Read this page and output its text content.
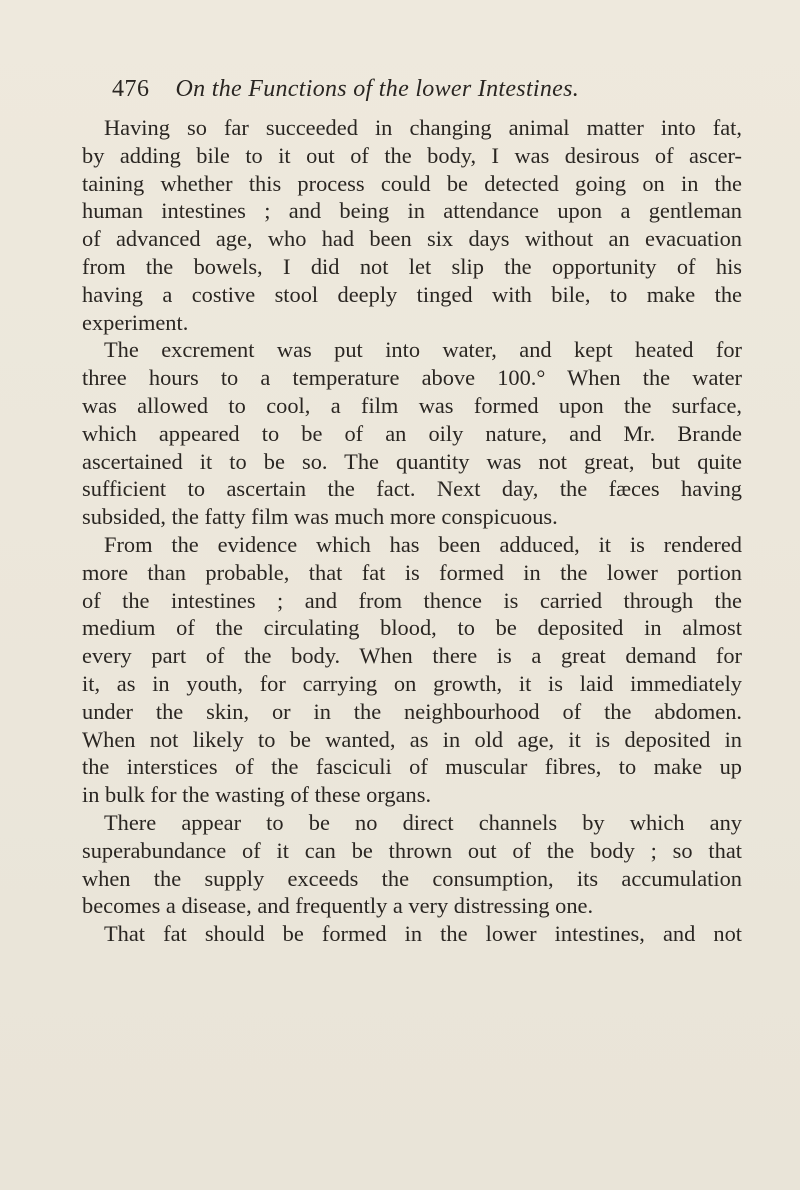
476 On the Functions of the lower Intestines.

Having so far succeeded in changing animal matter into fat,
by adding bile to it out of the body, I was desirous of ascer-
taining whether this process could be detected going on in the
human intestines ; and being in attendance upon a gentleman
of advanced age, who had been six days without an evacuation
from the bowels, I did not let slip the opportunity of his
having a costive stool deeply tinged with bile, to make the
experiment.

The excrement was put into water, and kept heated for
three hours to a temperature above 100.° When the water
was allowed to cool, a film was formed upon the surface,
which appeared to be of an oily nature, and Mr. Brande
ascertained it to be so. The quantity was not great, but quite
sufficient to ascertain the fact. Next day, the fæces having
subsided, the fatty film was much more conspicuous.

From the evidence which has been adduced, it is rendered
more than probable, that fat is formed in the lower portion
of the intestines ; and from thence is carried through the
medium of the circulating blood, to be deposited in almost
every part of the body. When there is a great demand for
it, as in youth, for carrying on growth, it is laid immediately
under the skin, or in the neighbourhood of the abdomen.
When not likely to be wanted, as in old age, it is deposited in
the interstices of the fasciculi of muscular fibres, to make up
in bulk for the wasting of these organs.

There appear to be no direct channels by which any
superabundance of it can be thrown out of the body ; so that
when the supply exceeds the consumption, its accumulation
becomes a disease, and frequently a very distressing one.

That fat should be formed in the lower intestines, and not
